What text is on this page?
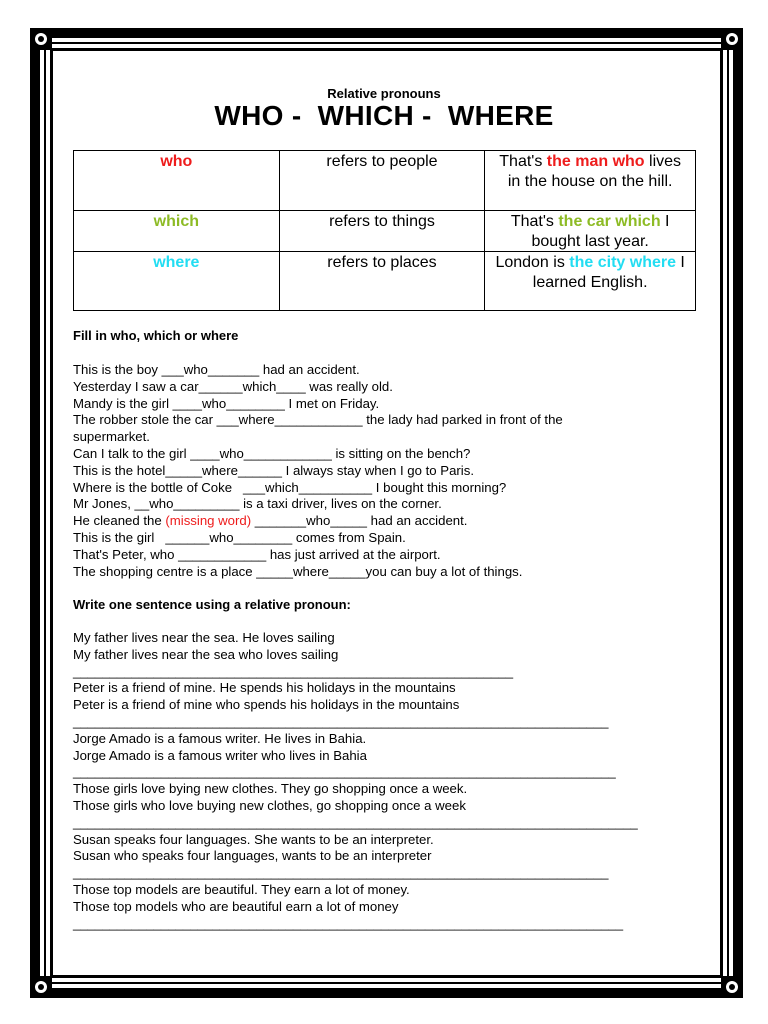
Relative pronouns
WHO -  WHICH -  WHERE
who	refers to people	That's the man who lives in the house on the hill.
which	refers to things	That's the car which I bought last year.
where	refers to places	London is the city where I learned English.
Fill in who, which or where
This is the boy ___who_______ had an accident.
Yesterday I saw a car______which____ was really old.
Mandy is the girl ____who________ I met on Friday.
The robber stole the car ___where____________ the lady had parked in front of the
supermarket.
Can I talk to the girl ____who____________ is sitting on the bench?
This is the hotel_____where______ I always stay when I go to Paris.
Where is the bottle of Coke   ___which__________ I bought this morning?
Mr Jones, __who_________ is a taxi driver, lives on the corner.
He cleaned the (missing word) _______who_____ had an accident.
This is the girl   ______who________ comes from Spain.
That's Peter, who ____________ has just arrived at the airport.
The shopping centre is a place _____where_____you can buy a lot of things.
Write one sentence using a relative pronoun:
My father lives near the sea. He loves sailing
My father lives near the sea who loves sailing
____________________________________________________________
Peter is a friend of mine. He spends his holidays in the mountains
Peter is a friend of mine who spends his holidays in the mountains
_________________________________________________________________________
Jorge Amado is a famous writer. He lives in Bahia.
Jorge Amado is a famous writer who lives in Bahia
__________________________________________________________________________
Those girls love bying new clothes. They go shopping once a week.
Those girls who love buying new clothes, go shopping once a week
_____________________________________________________________________________
Susan speaks four languages. She wants to be an interpreter.
Susan who speaks four languages, wants to be an interpreter
_________________________________________________________________________
Those top models are beautiful. They earn a lot of money.
Those top models who are beautiful earn a lot of money
___________________________________________________________________________
